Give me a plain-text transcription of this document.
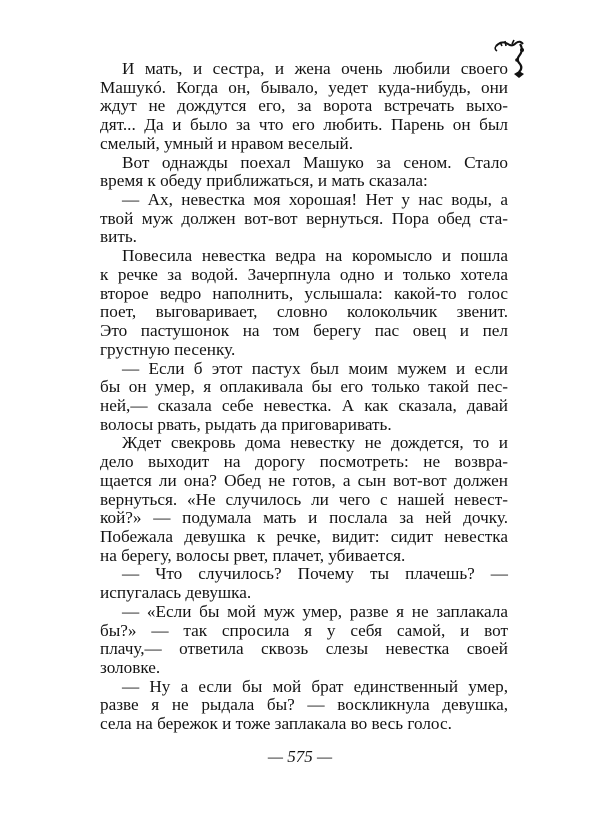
И мать, и сестра, и жена очень любили своего
Машукó. Когда он, бывало, уедет куда-нибудь, они
ждут не дождутся его, за ворота встречать выхо-
дят... Да и было за что его любить. Парень он был
смелый, умный и нравом веселый.
Вот однажды поехал Машуко за сеном. Стало
время к обеду приближаться, и мать сказала:
— Ах, невестка моя хорошая! Нет у нас воды, а
твой муж должен вот-вот вернуться. Пора обед ста-
вить.
Повесила невестка ведра на коромысло и пошла
к речке за водой. Зачерпнула одно и только хотела
второе ведро наполнить, услышала: какой-то голос
поет, выговаривает, словно колокольчик звенит.
Это пастушонок на том берегу пас овец и пел
грустную песенку.
— Если б этот пастух был моим мужем и если
бы он умер, я оплакивала бы его только такой пес-
ней,— сказала себе невестка. А как сказала, давай
волосы рвать, рыдать да приговаривать.
Ждет свекровь дома невестку не дождется, то и
дело выходит на дорогу посмотреть: не возвра-
щается ли она? Обед не готов, а сын вот-вот должен
вернуться. «Не случилось ли чего с нашей невест-
кой?» — подумала мать и послала за ней дочку.
Побежала девушка к речке, видит: сидит невестка
на берегу, волосы рвет, плачет, убивается.
— Что случилось? Почему ты плачешь? —
испугалась девушка.
— «Если бы мой муж умер, разве я не заплакала
бы?» — так спросила я у себя самой, и вот
плачу,— ответила сквозь слезы невестка своей
золовке.
— Ну а если бы мой брат единственный умер,
разве я не рыдала бы? — воскликнула девушка,
села на бережок и тоже заплакала во весь голос.
— 575 —
